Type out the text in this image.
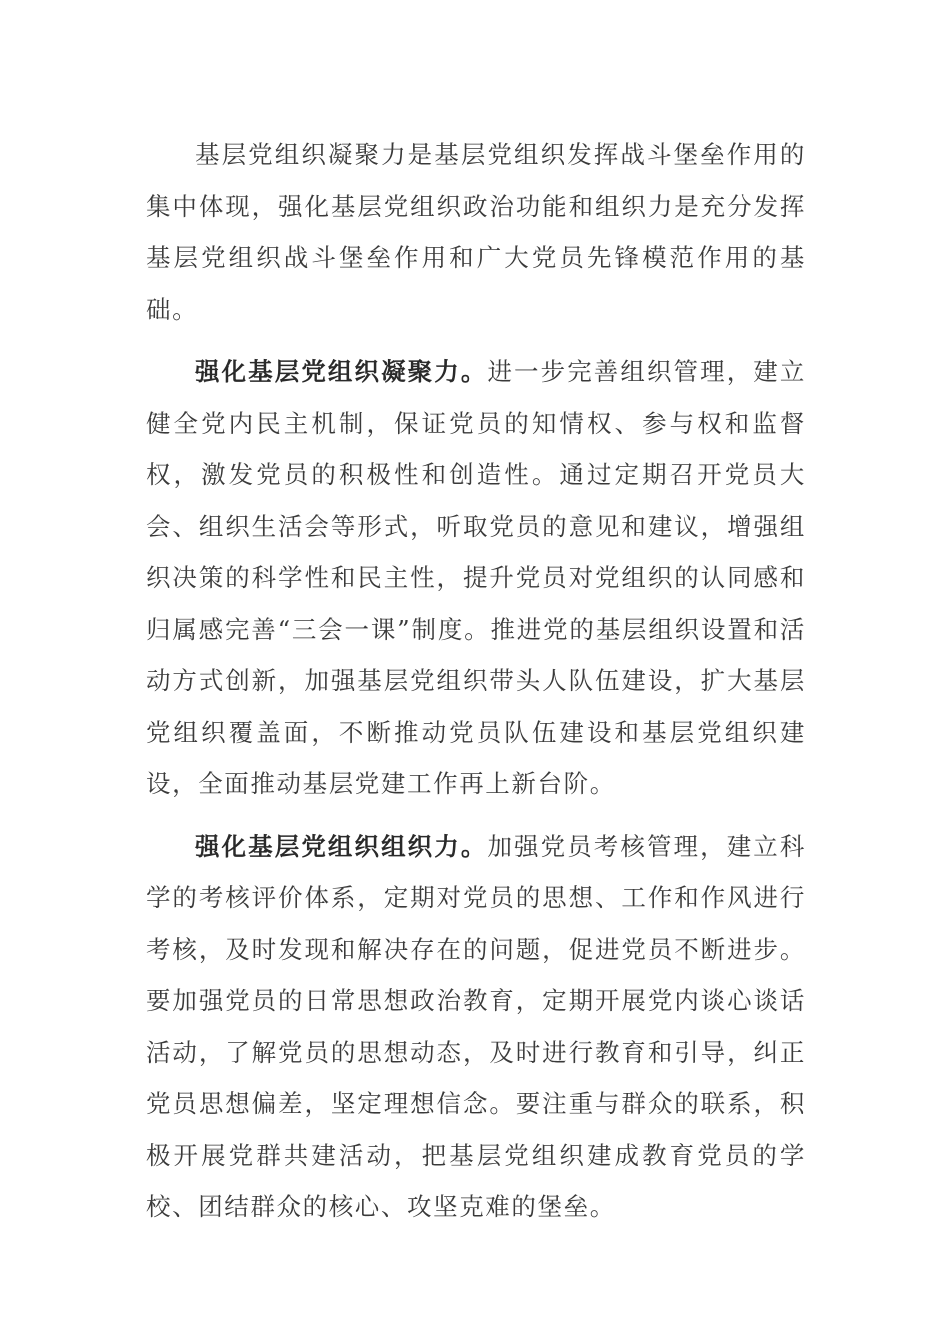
基层党组织凝聚力是基层党组织发挥战斗堡垒作用的集中体现，强化基层党组织政治功能和组织力是充分发挥基层党组织战斗堡垒作用和广大党员先锋模范作用的基础。

强化基层党组织凝聚力。进一步完善组织管理，建立健全党内民主机制，保证党员的知情权、参与权和监督权，激发党员的积极性和创造性。通过定期召开党员大会、组织生活会等形式，听取党员的意见和建议，增强组织决策的科学性和民主性，提升党员对党组织的认同感和归属感完善“三会一课”制度。推进党的基层组织设置和活动方式创新，加强基层党组织带头人队伍建设，扩大基层党组织覆盖面，不断推动党员队伍建设和基层党组织建设，全面推动基层党建工作再上新台阶。

强化基层党组织组织力。加强党员考核管理，建立科学的考核评价体系，定期对党员的思想、工作和作风进行考核，及时发现和解决存在的问题，促进党员不断进步。要加强党员的日常思想政治教育，定期开展党内谈心谈话活动，了解党员的思想动态，及时进行教育和引导，纠正党员思想偏差，坚定理想信念。要注重与群众的联系，积极开展党群共建活动，把基层党组织建成教育党员的学校、团结群众的核心、攻坚克难的堡垒。
